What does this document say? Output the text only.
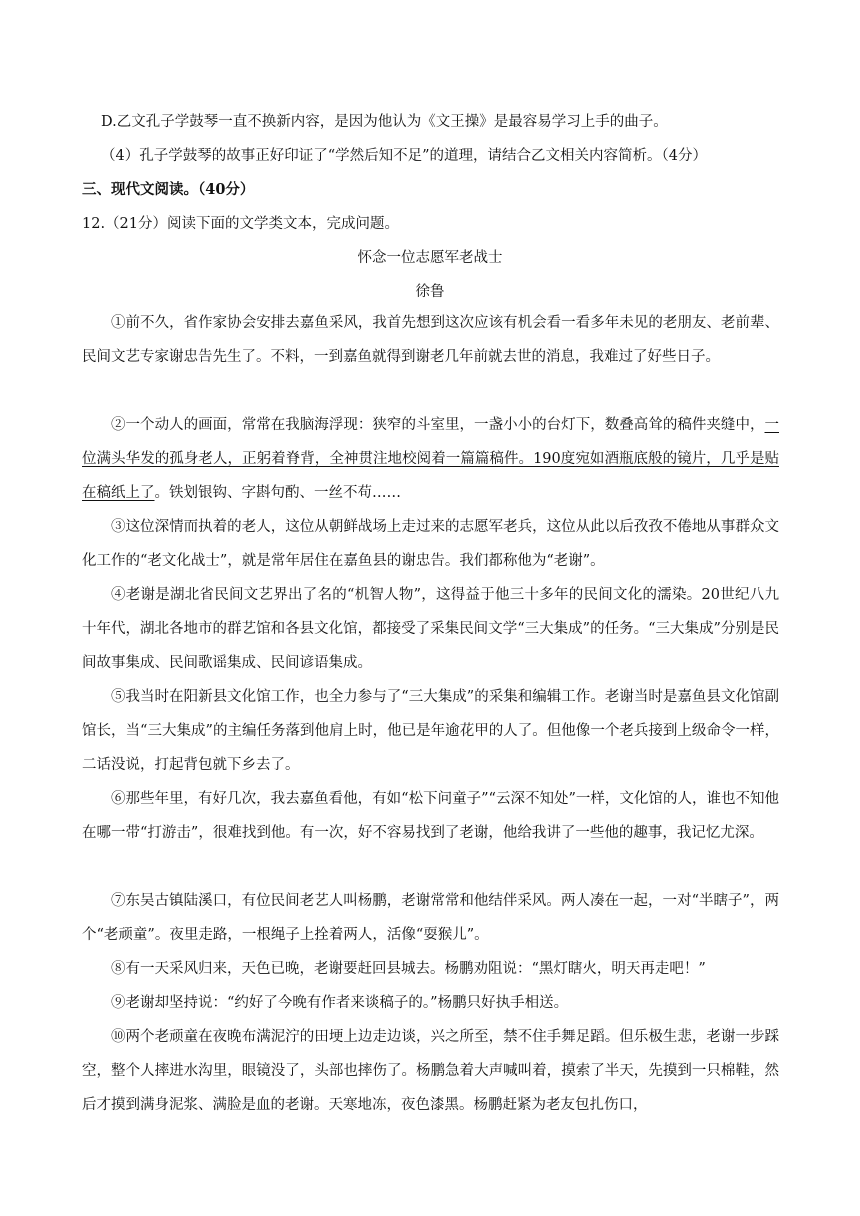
D.乙文孔子学鼓琴一直不换新内容，是因为他认为《文王操》是最容易学习上手的曲子。
（4）孔子学鼓琴的故事正好印证了“学然后知不足”的道理，请结合乙文相关内容简析。（4分）
三、现代文阅读。（40分）
12.（21分）阅读下面的文学类文本，完成问题。
怀念一位志愿军老战士
徐鲁
①前不久，省作家协会安排去嘉鱼采风，我首先想到这次应该有机会看一看多年未见的老朋友、老前辈、民间文艺专家谢忠告先生了。不料，一到嘉鱼就得到谢老几年前就去世的消息，我难过了好些日子。
②一个动人的画面，常常在我脑海浮现：狭窄的斗室里，一盏小小的台灯下，数叠高耸的稿件夹缝中，一位满头华发的孤身老人，正躬着脊背，全神贯注地校阅着一篇篇稿件。190度宛如酒瓶底般的镜片，几乎是贴在稿纸上了。铁划银钩、字斟句酌、一丝不苟……
③这位深情而执着的老人，这位从朝鲜战场上走过来的志愿军老兵，这位从此以后孜孜不倦地从事群众文化工作的“老文化战士”，就是常年居住在嘉鱼县的谢忠告。我们都称他为“老谢”。
④老谢是湖北省民间文艺界出了名的“机智人物”，这得益于他三十多年的民间文化的濡染。20世纪八九十年代，湖北各地市的群艺馆和各县文化馆，都接受了采集民间文学“三大集成”的任务。“三大集成”分别是民间故事集成、民间歌谣集成、民间谚语集成。
⑤我当时在阳新县文化馆工作，也全力参与了“三大集成”的采集和编辑工作。老谢当时是嘉鱼县文化馆副馆长，当“三大集成”的主编任务落到他肩上时，他已是年逾花甲的人了。但他像一个老兵接到上级命令一样，二话没说，打起背包就下乡去了。
⑥那些年里，有好几次，我去嘉鱼看他，有如“松下问童子”“云深不知处”一样，文化馆的人，谁也不知他在哪一带“打游击”，很难找到他。有一次，好不容易找到了老谢，他给我讲了一些他的趣事，我记忆尤深。
⑦东吴古镇陆溪口，有位民间老艺人叫杨鹏，老谢常常和他结伴采风。两人凑在一起，一对“半瞎子”，两个“老顽童”。夜里走路，一根绳子上拴着两人，活像“耍猴儿”。
⑧有一天采风归来，天色已晚，老谢要赶回县城去。杨鹏劝阻说：“黑灯瞎火，明天再走吧！”
⑨老谢却坚持说：“约好了今晚有作者来谈稿子的。”杨鹏只好执手相送。
⑩两个老顽童在夜晚布满泥泞的田埂上边走边谈，兴之所至，禁不住手舞足蹈。但乐极生悲，老谢一步踩空，整个人摔进水沟里，眼镜没了，头部也摔伤了。杨鹏急着大声喊叫着，摸索了半天，先摸到一只棉鞋，然后才摸到满身泥浆、满脸是血的老谢。天寒地冻，夜色漆黑。杨鹏赶紧为老友包扎伤口，
